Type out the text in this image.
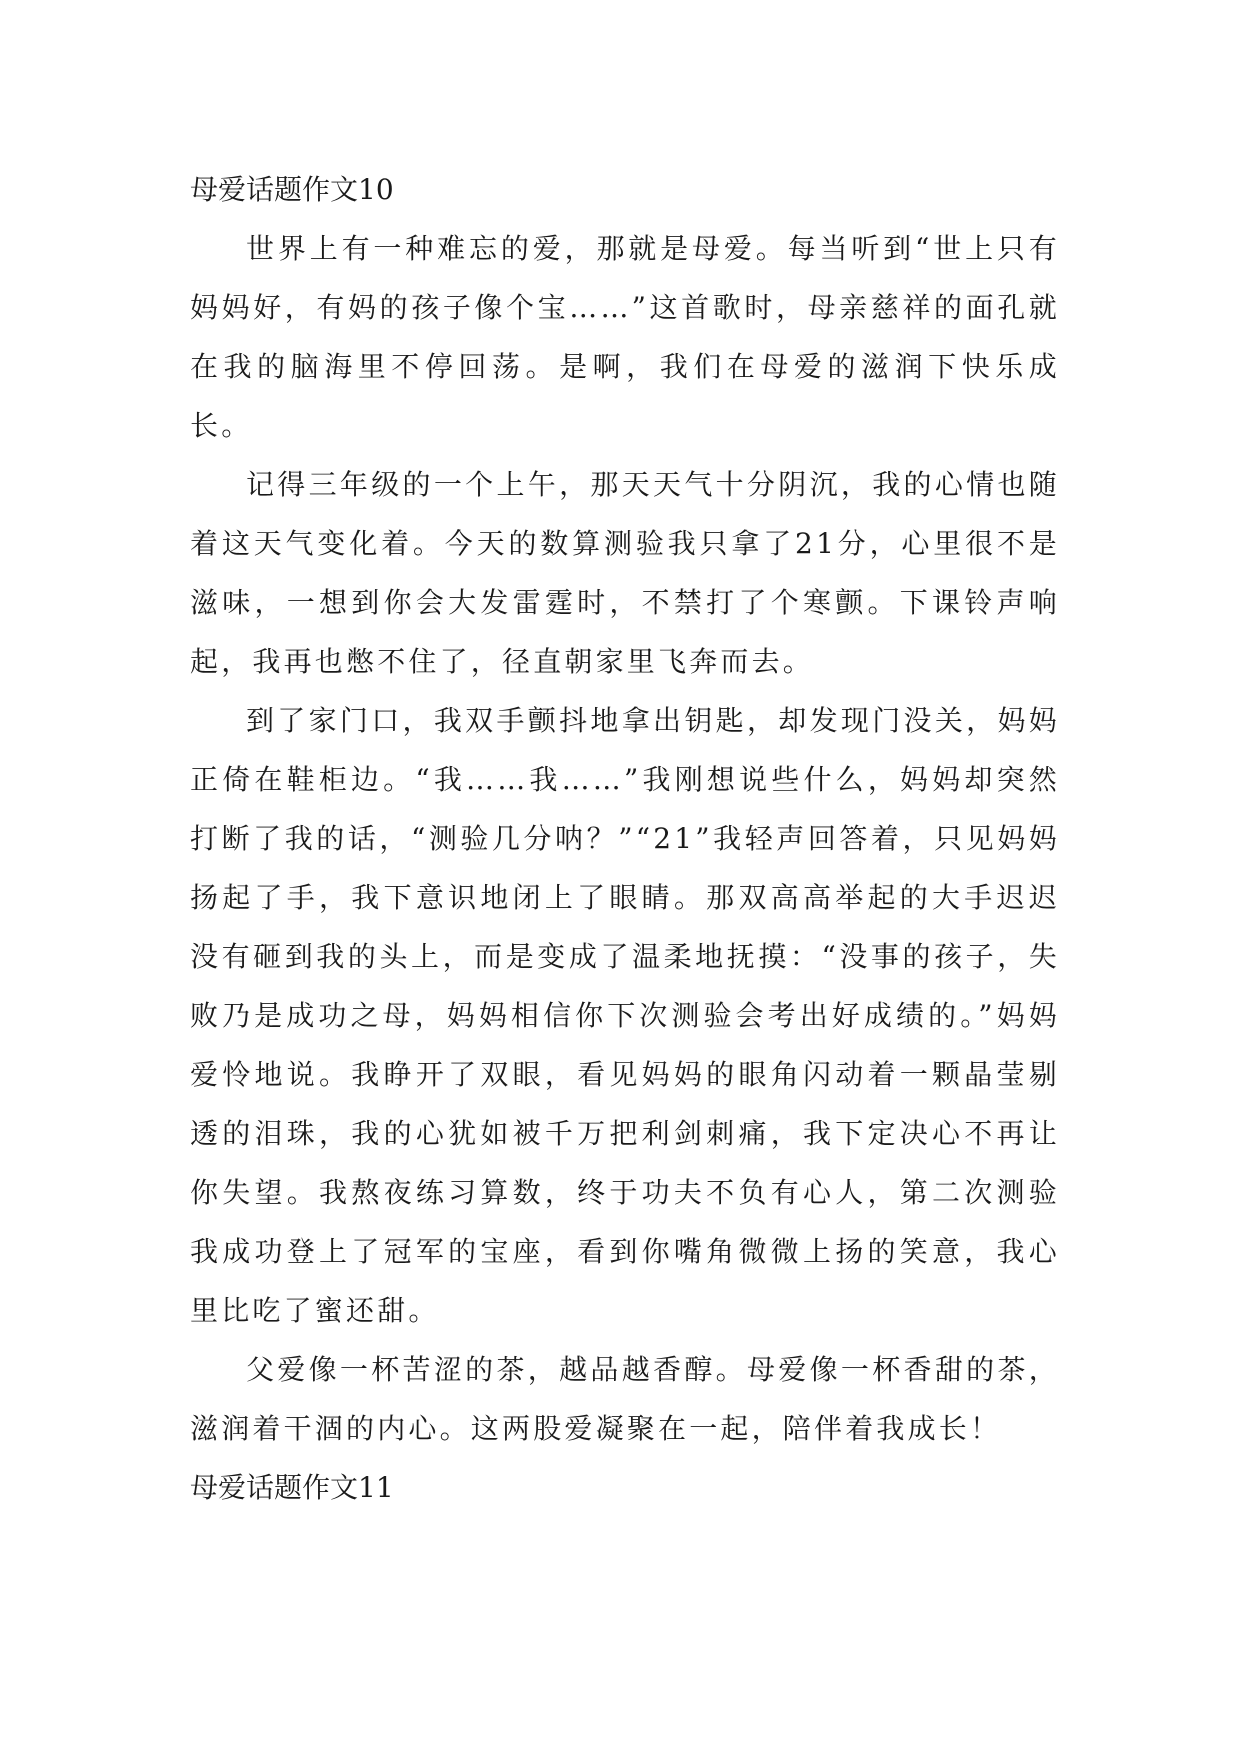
母爱话题作文10

世界上有一种难忘的爱，那就是母爱。每当听到“世上只有妈妈好，有妈的孩子像个宝……”这首歌时，母亲慈祥的面孔就在我的脑海里不停回荡。是啊，我们在母爱的滋润下快乐成长。

记得三年级的一个上午，那天天气十分阴沉，我的心情也随着这天气变化着。今天的数算测验我只拿了21分，心里很不是滋味，一想到你会大发雷霆时，不禁打了个寒颤。下课铃声响起，我再也憋不住了，径直朝家里飞奔而去。

到了家门口，我双手颤抖地拿出钥匙，却发现门没关，妈妈正倚在鞋柜边。“我……我……”我刚想说些什么，妈妈却突然打断了我的话，“测验几分呐？”“21”我轻声回答着，只见妈妈扬起了手，我下意识地闭上了眼睛。那双高高举起的大手迟迟没有砸到我的头上，而是变成了温柔地抚摸：“没事的孩子，失败乃是成功之母，妈妈相信你下次测验会考出好成绩的。”妈妈爱怜地说。我睁开了双眼，看见妈妈的眼角闪动着一颗晶莹剔透的泪珠，我的心犹如被千万把利剑刺痛，我下定决心不再让你失望。我熬夜练习算数，终于功夫不负有心人，第二次测验我成功登上了冠军的宝座，看到你嘴角微微上扬的笑意，我心里比吃了蜜还甜。

父爱像一杯苦涩的茶，越品越香醇。母爱像一杯香甜的茶，滋润着干涸的内心。这两股爱凝聚在一起，陪伴着我成长！

母爱话题作文11
